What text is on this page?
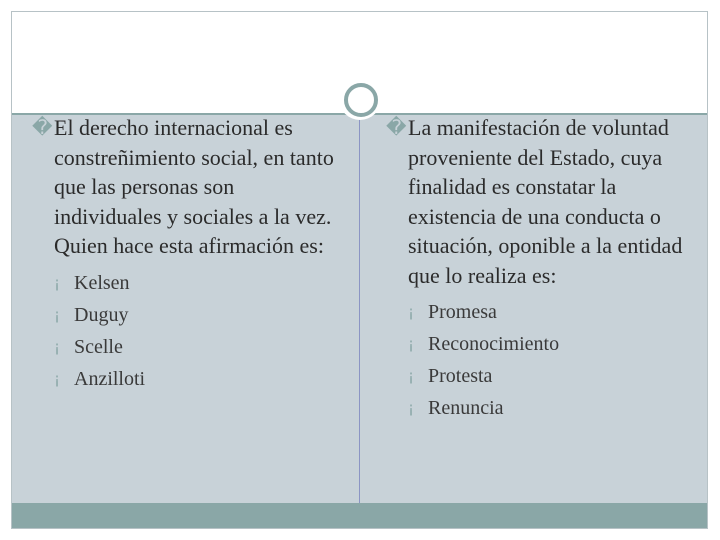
� El derecho internacional es constreñimiento social, en tanto que las personas son individuales y sociales a la vez. Quien hace esta afirmación es:

¡ Kelsen
¡ Duguy
¡ Scelle
¡ Anzilloti

� La manifestación de voluntad proveniente del Estado, cuya finalidad es constatar la existencia de una conducta o situación, oponible a la entidad que lo realiza es:

¡ Promesa
¡ Reconocimiento
¡ Protesta
¡ Renuncia
